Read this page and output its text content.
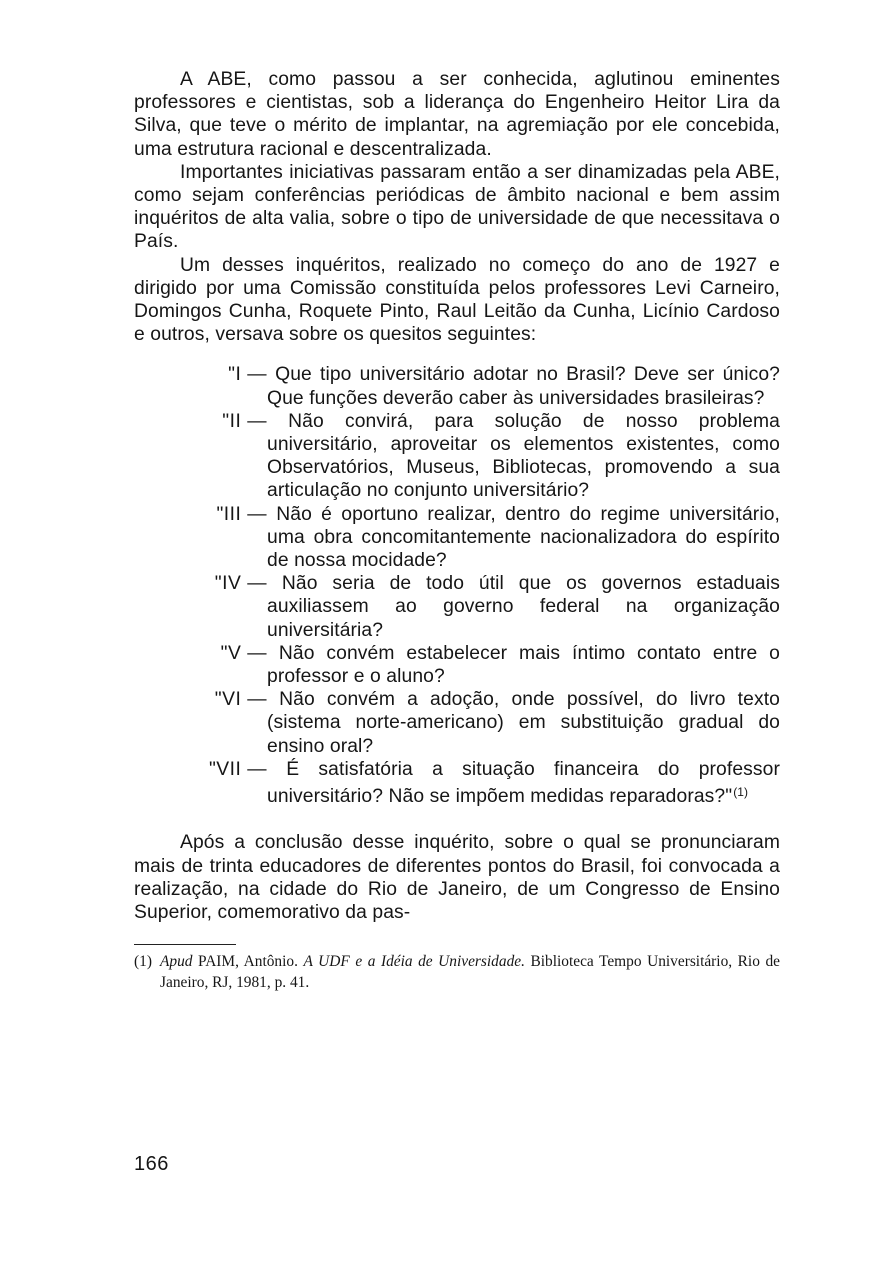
A ABE, como passou a ser conhecida, aglutinou eminentes professores e cientistas, sob a liderança do Engenheiro Heitor Lira da Silva, que teve o mérito de implantar, na agremiação por ele concebida, uma estrutura racional e descentralizada.

Importantes iniciativas passaram então a ser dinamizadas pela ABE, como sejam conferências periódicas de âmbito nacional e bem assim inquéritos de alta valia, sobre o tipo de universidade de que necessitava o País.

Um desses inquéritos, realizado no começo do ano de 1927 e dirigido por uma Comissão constituída pelos professores Levi Carneiro, Domingos Cunha, Roquete Pinto, Raul Leitão da Cunha, Licínio Cardoso e outros, versava sobre os quesitos seguintes:

"I — Que tipo universitário adotar no Brasil? Deve ser único? Que funções deverão caber às universidades brasileiras?
"II —	Não convirá, para solução de nosso problema universitário, aproveitar os elementos existentes, como Observatórios, Museus, Bibliotecas, promovendo a sua articulação no conjunto universitário?
"III — Não é oportuno realizar, dentro do regime universitário, uma obra concomitantemente nacionalizadora do espírito de nossa mocidade?
"IV — Não seria de todo útil que os governos estaduais auxiliassem ao governo federal na organização universitária?
"V — Não convém estabelecer mais íntimo contato entre o professor e o aluno?
"VI — Não convém a adoção, onde possível, do livro texto (sistema norte-americano) em substituição gradual do ensino oral?
"VII — É satisfatória a situação financeira do professor universitário? Não se impõem medidas reparadoras?"$^{(1)}$

Após a conclusão desse inquérito, sobre o qual se pronunciaram mais de trinta educadores de diferentes pontos do Brasil, foi convocada a realização, na cidade do Rio de Janeiro, de um Congresso de Ensino Superior, comemorativo da pas-

(1) Apud PAIM, Antônio. A UDF e a Idéia de Universidade. Biblioteca Tempo Universitário, Rio de Janeiro, RJ, 1981, p. 41.
166
